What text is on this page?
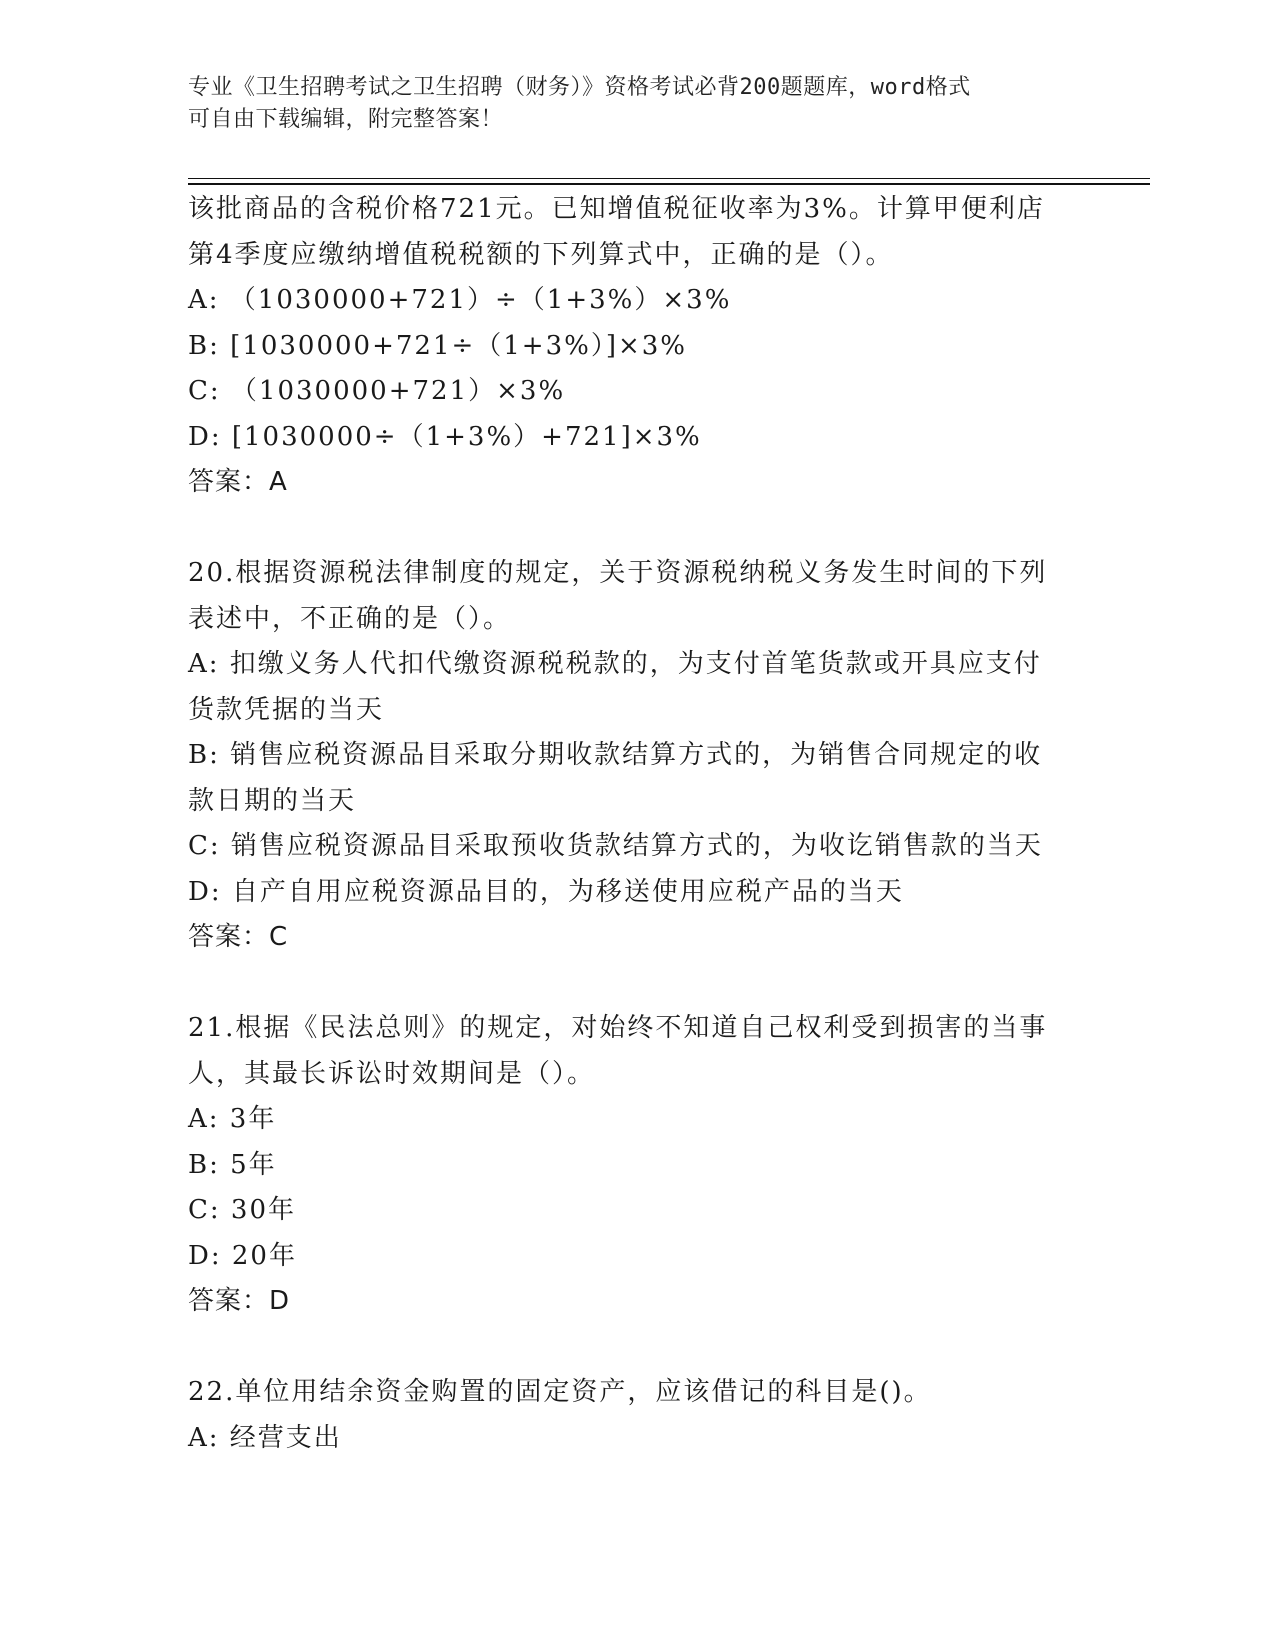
专业《卫生招聘考试之卫生招聘（财务）》资格考试必背200题题库，word格式
可自由下载编辑，附完整答案！
该批商品的含税价格721元。已知增值税征收率为3%。计算甲便利店
第4季度应缴纳增值税税额的下列算式中，正确的是（）。
A: （1030000+721）÷（1+3%）×3%
B: [1030000+721÷（1+3%）]×3%
C: （1030000+721）×3%
D: [1030000÷（1+3%）+721]×3%
答案：A
20.根据资源税法律制度的规定，关于资源税纳税义务发生时间的下列
表述中，不正确的是（）。
A: 扣缴义务人代扣代缴资源税税款的，为支付首笔货款或开具应支付
货款凭据的当天
B: 销售应税资源品目采取分期收款结算方式的，为销售合同规定的收
款日期的当天
C: 销售应税资源品目采取预收货款结算方式的，为收讫销售款的当天
D: 自产自用应税资源品目的，为移送使用应税产品的当天
答案：C
21.根据《民法总则》的规定，对始终不知道自己权利受到损害的当事
人，其最长诉讼时效期间是（）。
A: 3年
B: 5年
C: 30年
D: 20年
答案：D
22.单位用结余资金购置的固定资产，应该借记的科目是()。
A: 经营支出
